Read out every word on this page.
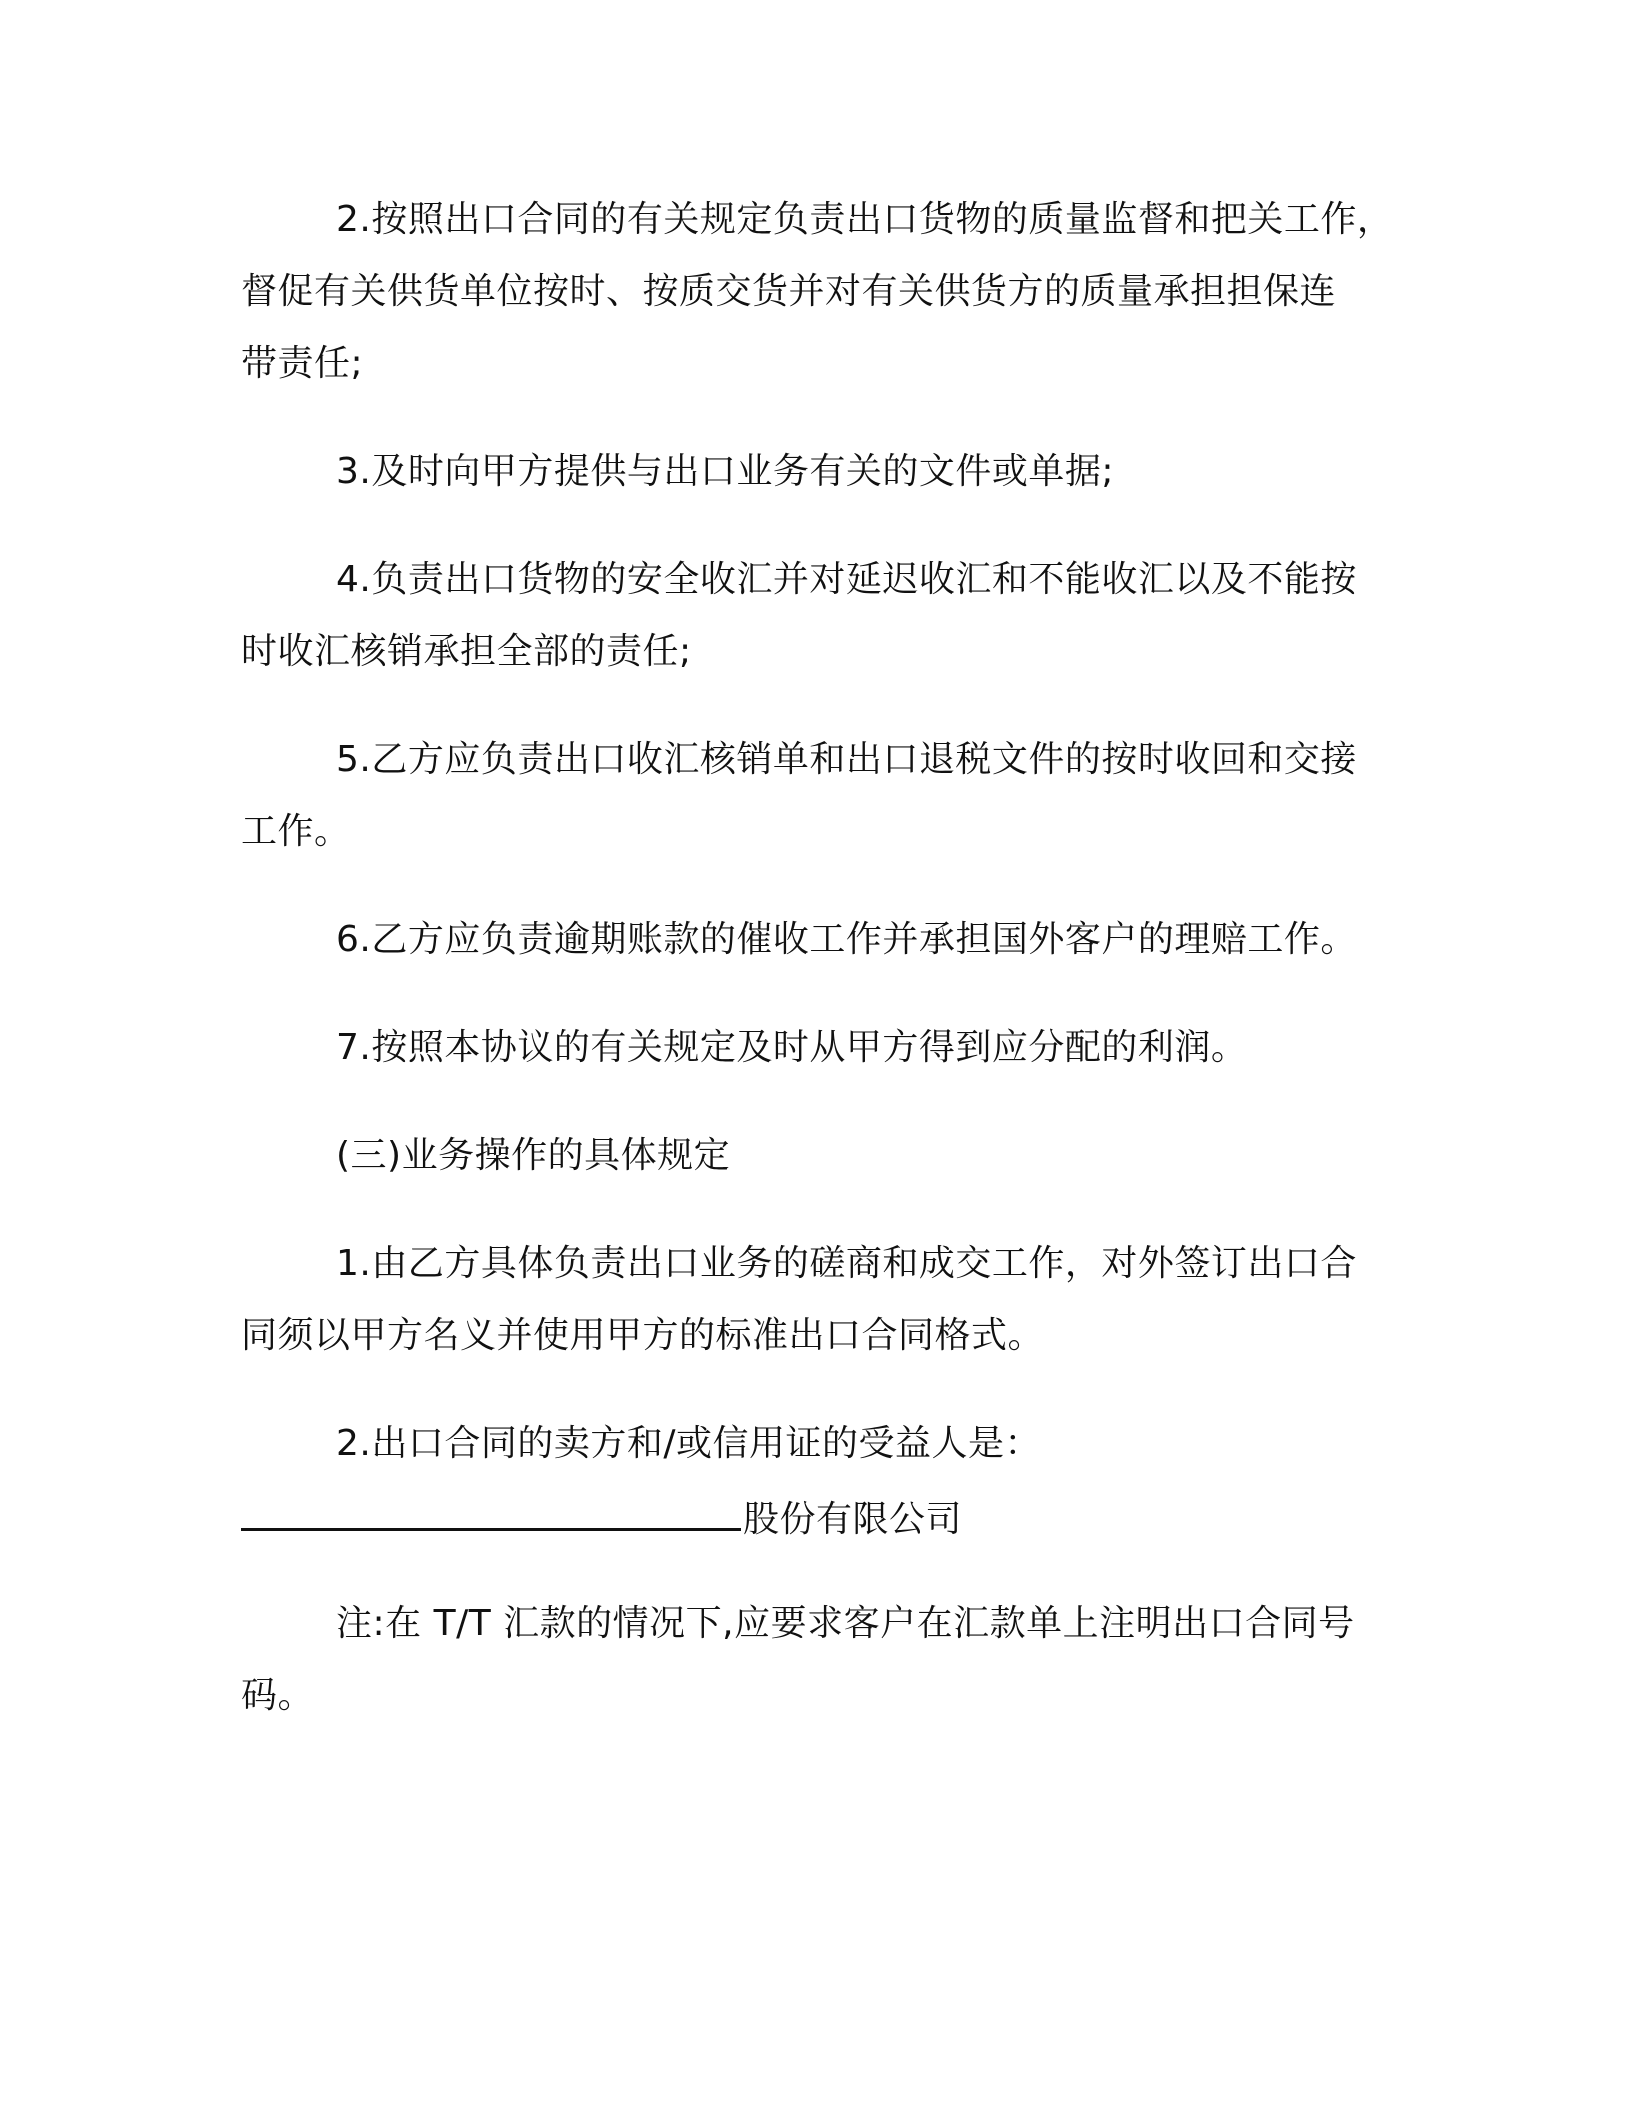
2.按照出口合同的有关规定负责出口货物的质量监督和把关工作，
督促有关供货单位按时、按质交货并对有关供货方的质量承担担保连
带责任;
3.及时向甲方提供与出口业务有关的文件或单据;
4.负责出口货物的安全收汇并对延迟收汇和不能收汇以及不能按
时收汇核销承担全部的责任;
5.乙方应负责出口收汇核销单和出口退税文件的按时收回和交接
工作。
6.乙方应负责逾期账款的催收工作并承担国外客户的理赔工作。
7.按照本协议的有关规定及时从甲方得到应分配的利润。
(三)业务操作的具体规定
1.由乙方具体负责出口业务的磋商和成交工作，对外签订出口合
同须以甲方名义并使用甲方的标准出口合同格式。
2.出口合同的卖方和/或信用证的受益人是：
股份有限公司
注:在 T/T 汇款的情况下,应要求客户在汇款单上注明出口合同号
码。
